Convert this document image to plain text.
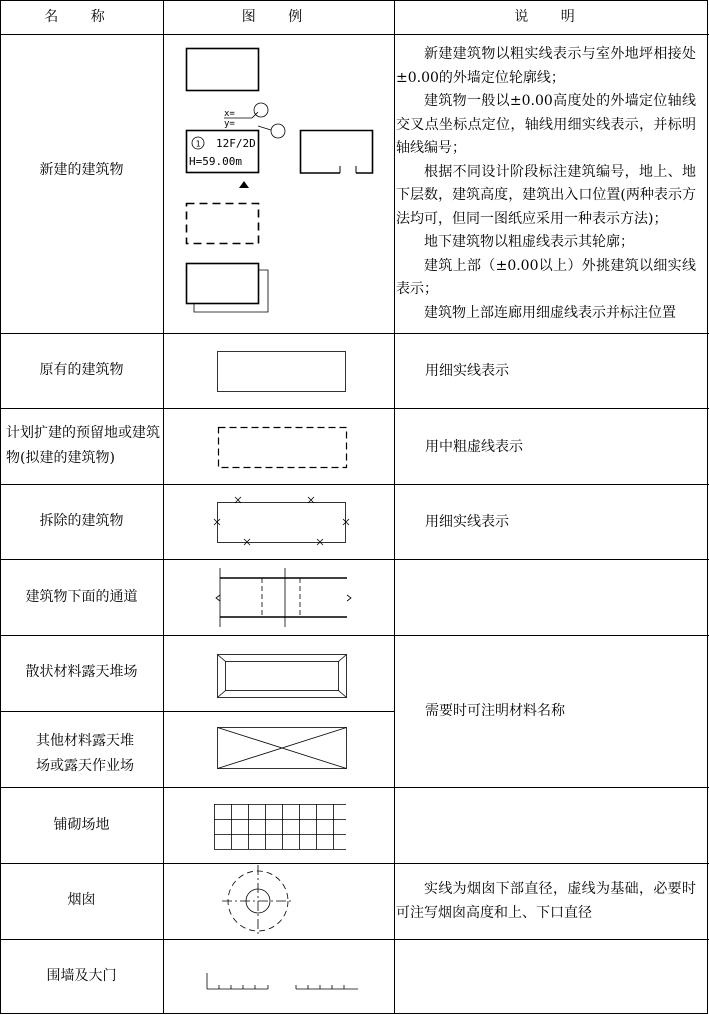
名 称	图 例	说 明
新建的建筑物
原有的建筑物
计划扩建的预留地或建筑物(拟建的建筑物)
拆除的建筑物
建筑物下面的通道
散状材料露天堆场
其他材料露天堆场或露天作业场
铺砌场地
烟囱
围墙及大门

新建建筑物以粗实线表示与室外地坪相接处±0.00的外墙定位轮廓线；

建筑物一般以±0.00高度处的外墙定位轴线交叉点坐标点定位，轴线用细实线表示，并标明轴线编号；

根据不同设计阶段标注建筑编号，地上、地下层数，建筑高度，建筑出入口位置(两种表示方法均可，但同一图纸应采用一种表示方法)；

地下建筑物以粗虚线表示其轮廓；

建筑上部（±0.00以上）外挑建筑以细实线表示；

建筑物上部连廊用细虚线表示并标注位置

用细实线表示
用中粗虚线表示
用细实线表示
需要时可注明材料名称

实线为烟囱下部直径，虚线为基础，必要时可注写烟囱高度和上、下口直径

x=
y=
1 12F/2D
H=59.00m
